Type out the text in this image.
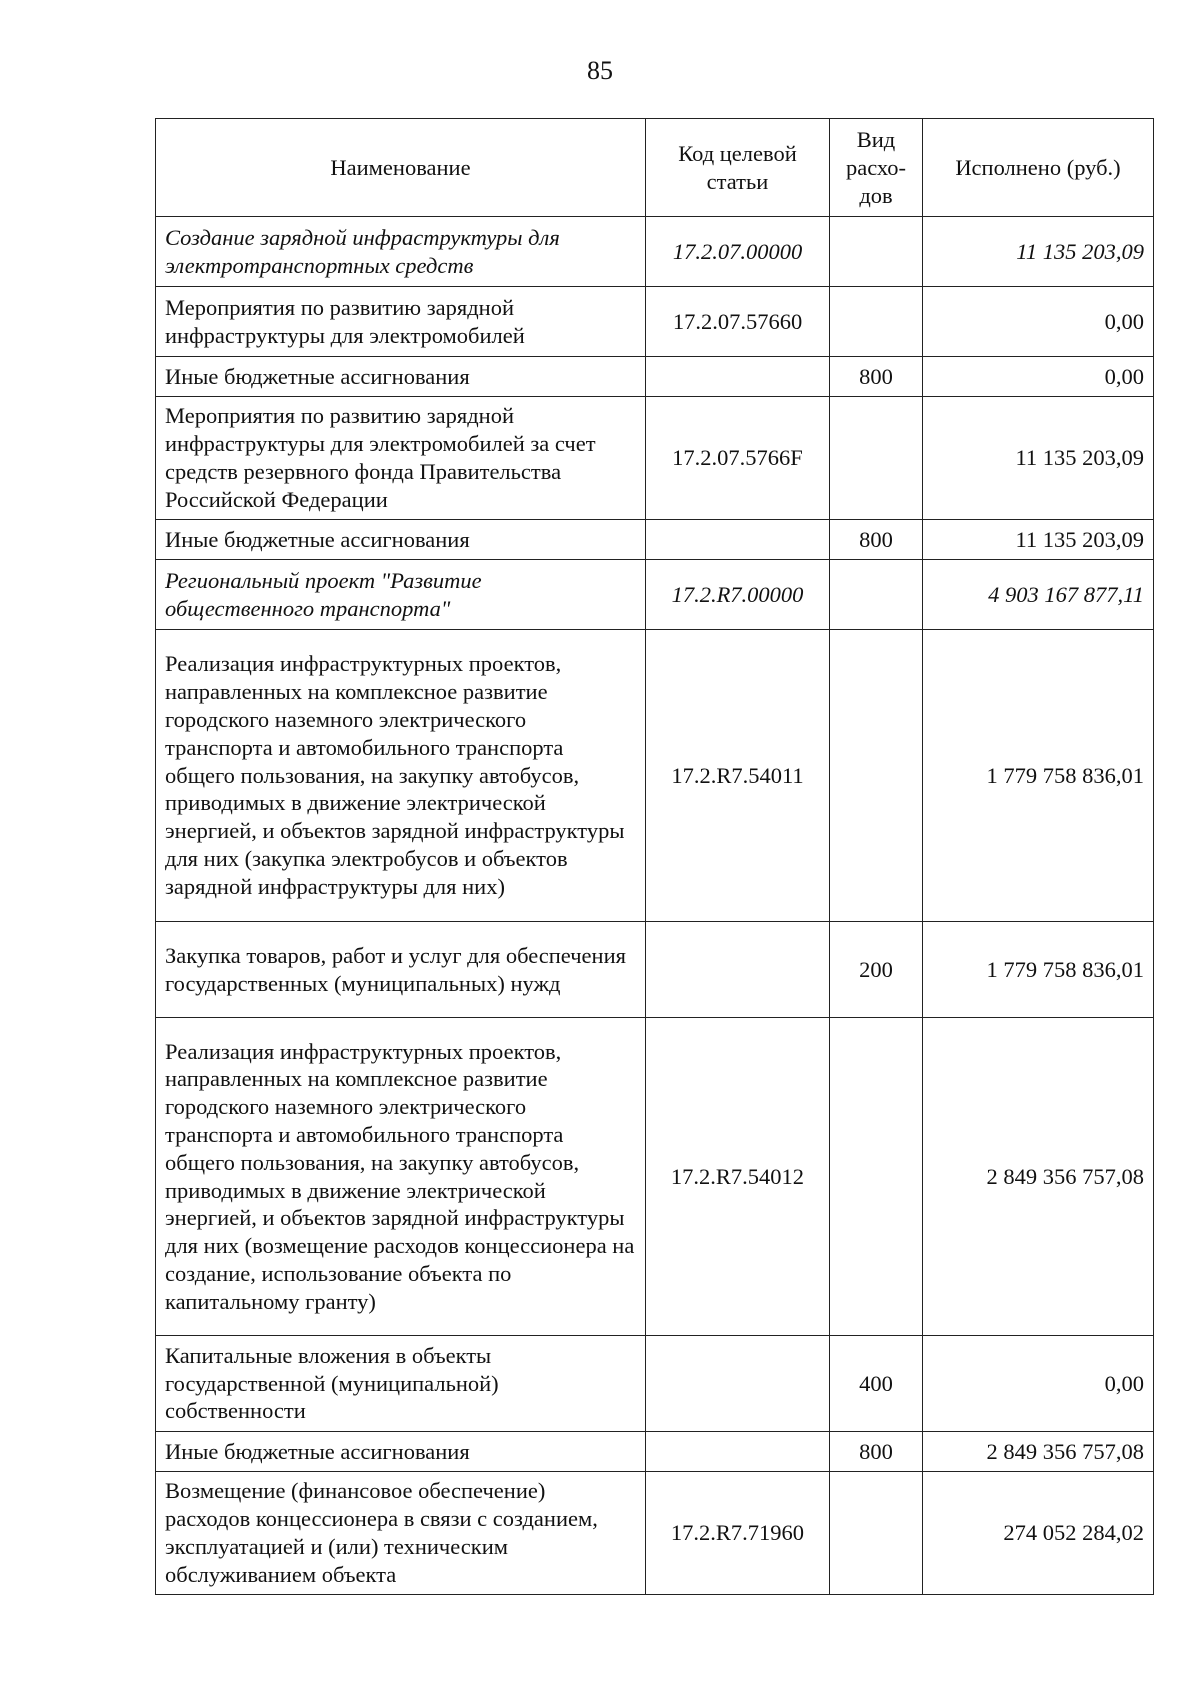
85
Наименование	Код целевой статьи	Вид расхо-дов	Исполнено (руб.)
Создание зарядной инфраструктуры для электротранспортных средств	17.2.07.00000		11 135 203,09
Мероприятия по развитию зарядной инфраструктуры для электромобилей	17.2.07.57660		0,00
Иные бюджетные ассигнования		800	0,00
Мероприятия по развитию зарядной инфраструктуры для электромобилей за счет средств резервного фонда Правительства Российской Федерации	17.2.07.5766F		11 135 203,09
Иные бюджетные ассигнования		800	11 135 203,09
Региональный проект "Развитие общественного транспорта"	17.2.R7.00000		4 903 167 877,11
Реализация инфраструктурных проектов, направленных на комплексное развитие городского наземного электрического транспорта и автомобильного транспорта общего пользования, на закупку автобусов, приводимых в движение электрической энергией, и объектов зарядной инфраструктуры для них (закупка электробусов и объектов зарядной инфраструктуры для них)	17.2.R7.54011		1 779 758 836,01
Закупка товаров, работ и услуг для обеспечения государственных (муниципальных) нужд		200	1 779 758 836,01
Реализация инфраструктурных проектов, направленных на комплексное развитие городского наземного электрического транспорта и автомобильного транспорта общего пользования, на закупку автобусов, приводимых в движение электрической энергией, и объектов зарядной инфраструктуры для них (возмещение расходов концессионера на создание, использование объекта по капитальному гранту)	17.2.R7.54012		2 849 356 757,08
Капитальные вложения в объекты государственной (муниципальной) собственности		400	0,00
Иные бюджетные ассигнования		800	2 849 356 757,08
Возмещение (финансовое обеспечение) расходов концессионера в связи с созданием, эксплуатацией и (или) техническим обслуживанием объекта	17.2.R7.71960		274 052 284,02
